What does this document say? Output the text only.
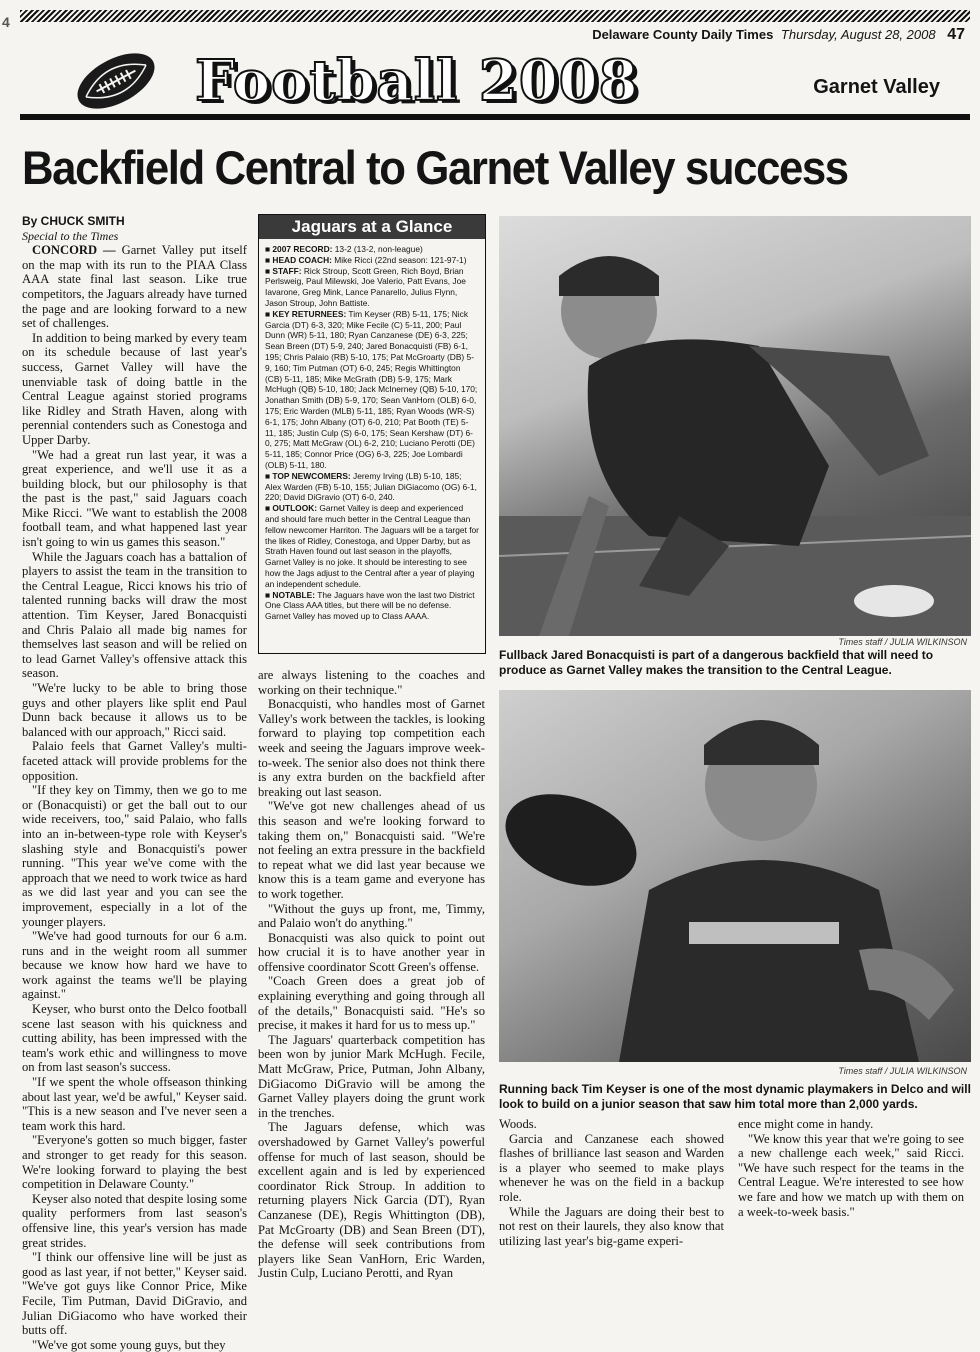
4
Delaware County Daily Times Thursday, August 28, 2008 47
Football 2008	Garnet Valley
Backfield Central to Garnet Valley success
By CHUCK SMITH
Special to the Times

CONCORD — Garnet Valley put itself on the map with its run to the PIAA Class AAA state final last season. Like true competitors, the Jaguars already have turned the page and are looking forward to a new set of challenges.

In addition to being marked by every team on its schedule because of last year's success, Garnet Valley will have the unenviable task of doing battle in the Central League against storied programs like Ridley and Strath Haven, along with perennial contenders such as Conestoga and Upper Darby.

"We had a great run last year, it was a great experience, and we'll use it as a building block, but our philosophy is that the past is the past," said Jaguars coach Mike Ricci. "We want to establish the 2008 football team, and what happened last year isn't going to win us games this season."

While the Jaguars coach has a battalion of players to assist the team in the transition to the Central League, Ricci knows his trio of talented running backs will draw the most attention. Tim Keyser, Jared Bonacquisti and Chris Palaio all made big names for themselves last season and will be relied on to lead Garnet Valley's offensive attack this season.

"We're lucky to be able to bring those guys and other players like split end Paul Dunn back because it allows us to be balanced with our approach," Ricci said.

Palaio feels that Garnet Valley's multi-faceted attack will provide problems for the opposition.

"If they key on Timmy, then we go to me or (Bonacquisti) or get the ball out to our wide receivers, too," said Palaio, who falls into an in-between-type role with Keyser's slashing style and Bonacquisti's power running. "This year we've come with the approach that we need to work twice as hard as we did last year and you can see the improvement, especially in a lot of the younger players.

"We've had good turnouts for our 6 a.m. runs and in the weight room all summer because we know how hard we have to work against the teams we'll be playing against."

Keyser, who burst onto the Delco football scene last season with his quickness and cutting ability, has been impressed with the team's work ethic and willingness to move on from last season's success.

"If we spent the whole offseason thinking about last year, we'd be awful," Keyser said. "This is a new season and I've never seen a team work this hard.

"Everyone's gotten so much bigger, faster and stronger to get ready for this season. We're looking forward to playing the best competition in Delaware County."

Keyser also noted that despite losing some quality performers from last season's offensive line, this year's version has made great strides.

"I think our offensive line will be just as good as last year, if not better," Keyser said. "We've got guys like Connor Price, Mike Fecile, Tim Putman, David DiGravio, and Julian DiGiacomo who have worked their butts off.

"We've got some young guys, but they

Jaguars at a Glance

■ 2007 RECORD: 13-2 (13-2, non-league)

■ HEAD COACH: Mike Ricci (22nd season: 121-97-1)

■ STAFF: Rick Stroup, Scott Green, Rich Boyd, Brian Perlsweig, Paul Milewski, Joe Valerio, Patt Evans, Joe Iavarone, Greg Mink, Lance Panarello, Julius Flynn, Jason Stroup, John Battiste.

■ KEY RETURNEES: Tim Keyser (RB) 5-11, 175; Nick Garcia (DT) 6-3, 320; Mike Fecile (C) 5-11, 200; Paul Dunn (WR) 5-11, 180; Ryan Canzanese (DE) 6-3, 225; Sean Breen (DT) 5-9, 240; Jared Bonacquisti (FB) 6-1, 195; Chris Palaio (RB) 5-10, 175; Pat McGroarty (DB) 5-9, 160; Tim Putman (OT) 6-0, 245; Regis Whittington (CB) 5-11, 185; Mike McGrath (DB) 5-9, 175; Mark McHugh (QB) 5-10, 180; Jack McInerney (QB) 5-10, 170; Jonathan Smith (DB) 5-9, 170; Sean VanHorn (OLB) 6-0, 175; Eric Warden (MLB) 5-11, 185; Ryan Woods (WR-S) 6-1, 175; John Albany (OT) 6-0, 210; Pat Booth (TE) 5-11, 185; Justin Culp (S) 6-0, 175; Sean Kershaw (DT) 6-0, 275; Matt McGraw (OL) 6-2, 210; Luciano Perotti (DE) 5-11, 185; Connor Price (OG) 6-3, 225; Joe Lombardi (OLB) 5-11, 180.

■ TOP NEWCOMERS: Jeremy Irving (LB) 5-10, 185; Alex Warden (FB) 5-10, 155; Julian DiGiacomo (OG) 6-1, 220; David DiGravio (OT) 6-0, 240.

■ OUTLOOK: Garnet Valley is deep and experienced and should fare much better in the Central League than fellow newcomer Harriton. The Jaguars will be a target for the likes of Ridley, Conestoga, and Upper Darby, but as Strath Haven found out last season in the playoffs, Garnet Valley is no joke. It should be interesting to see how the Jags adjust to the Central after a year of playing an independent schedule.

■ NOTABLE: The Jaguars have won the last two District One Class AAA titles, but there will be no defense. Garnet Valley has moved up to Class AAAA.

are always listening to the coaches and working on their technique."

Bonacquisti, who handles most of Garnet Valley's work between the tackles, is looking forward to playing top competition each week and seeing the Jaguars improve week-to-week. The senior also does not think there is any extra burden on the backfield after breaking out last season.

"We've got new challenges ahead of us this season and we're looking forward to taking them on," Bonacquisti said. "We're not feeling an extra pressure in the backfield to repeat what we did last year because we know this is a team game and everyone has to work together.

"Without the guys up front, me, Timmy, and Palaio won't do anything."

Bonacquisti was also quick to point out how crucial it is to have another year in offensive coordinator Scott Green's offense.

"Coach Green does a great job of explaining everything and going through all of the details," Bonacquisti said. "He's so precise, it makes it hard for us to mess up."

The Jaguars' quarterback competition has been won by junior Mark McHugh. Fecile, Matt McGraw, Price, Putman, John Albany, DiGiacomo DiGravio will be among the Garnet Valley players doing the grunt work in the trenches.

The Jaguars defense, which was overshadowed by Garnet Valley's powerful offense for much of last season, should be excellent again and is led by experienced coordinator Rick Stroup. In addition to returning players Nick Garcia (DT), Ryan Canzanese (DE), Regis Whittington (DB), Pat McGroarty (DB) and Sean Breen (DT), the defense will seek contributions from players like Sean VanHorn, Eric Warden, Justin Culp, Luciano Perotti, and Ryan

Times staff / JULIA WILKINSON
Fullback Jared Bonacquisti is part of a dangerous backfield that will need to produce as Garnet Valley makes the transition to the Central League.
Times staff / JULIA WILKINSON
Running back Tim Keyser is one of the most dynamic playmakers in Delco and will look to build on a junior season that saw him total more than 2,000 yards.

Woods.

Garcia and Canzanese each showed flashes of brilliance last season and Warden is a player who seemed to make plays whenever he was on the field in a backup role.

While the Jaguars are doing their best to not rest on their laurels, they also know that utilizing last year's big-game experi-

ence might come in handy.

"We know this year that we're going to see a new challenge each week," said Ricci. "We have such respect for the teams in the Central League. We're interested to see how we fare and how we match up with them on a week-to-week basis."
